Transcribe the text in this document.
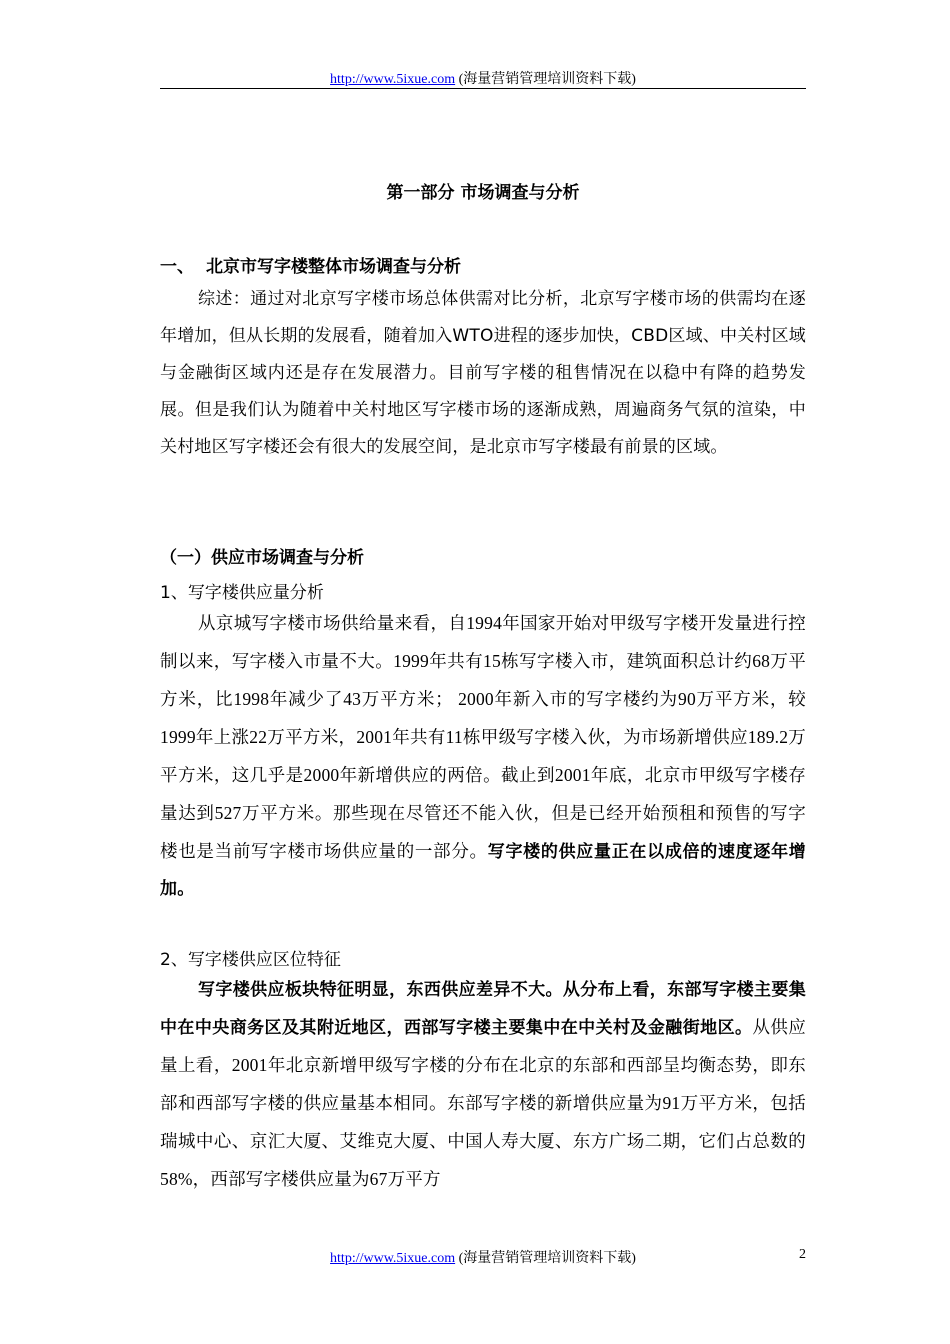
http://www.5ixue.com (海量营销管理培训资料下载)
第一部分 市场调查与分析
一、 北京市写字楼整体市场调查与分析
综述：通过对北京写字楼市场总体供需对比分析，北京写字楼市场的供需均在逐年增加，但从长期的发展看，随着加入WTO进程的逐步加快，CBD区域、中关村区域与金融街区域内还是存在发展潜力。目前写字楼的租售情况在以稳中有降的趋势发展。但是我们认为随着中关村地区写字楼市场的逐渐成熟，周遍商务气氛的渲染，中关村地区写字楼还会有很大的发展空间，是北京市写字楼最有前景的区域。
（一）供应市场调查与分析
1、写字楼供应量分析
从京城写字楼市场供给量来看，自1994年国家开始对甲级写字楼开发量进行控制以来，写字楼入市量不大。1999年共有15栋写字楼入市，建筑面积总计约68万平方米，比1998年减少了43万平方米； 2000年新入市的写字楼约为90万平方米，较1999年上涨22万平方米，2001年共有11栋甲级写字楼入伙，为市场新增供应189.2万平方米，这几乎是2000年新增供应的两倍。截止到2001年底，北京市甲级写字楼存量达到527万平方米。那些现在尽管还不能入伙，但是已经开始预租和预售的写字楼也是当前写字楼市场供应量的一部分。写字楼的供应量正在以成倍的速度逐年增加。
2、写字楼供应区位特征
写字楼供应板块特征明显，东西供应差异不大。从分布上看，东部写字楼主要集中在中央商务区及其附近地区，西部写字楼主要集中在中关村及金融街地区。从供应量上看，2001年北京新增甲级写字楼的分布在北京的东部和西部呈均衡态势，即东部和西部写字楼的供应量基本相同。东部写字楼的新增供应量为91万平方米，包括瑞城中心、京汇大厦、艾维克大厦、中国人寿大厦、东方广场二期，它们占总数的58%，西部写字楼供应量为67万平方
http://www.5ixue.com (海量营销管理培训资料下载)	2
